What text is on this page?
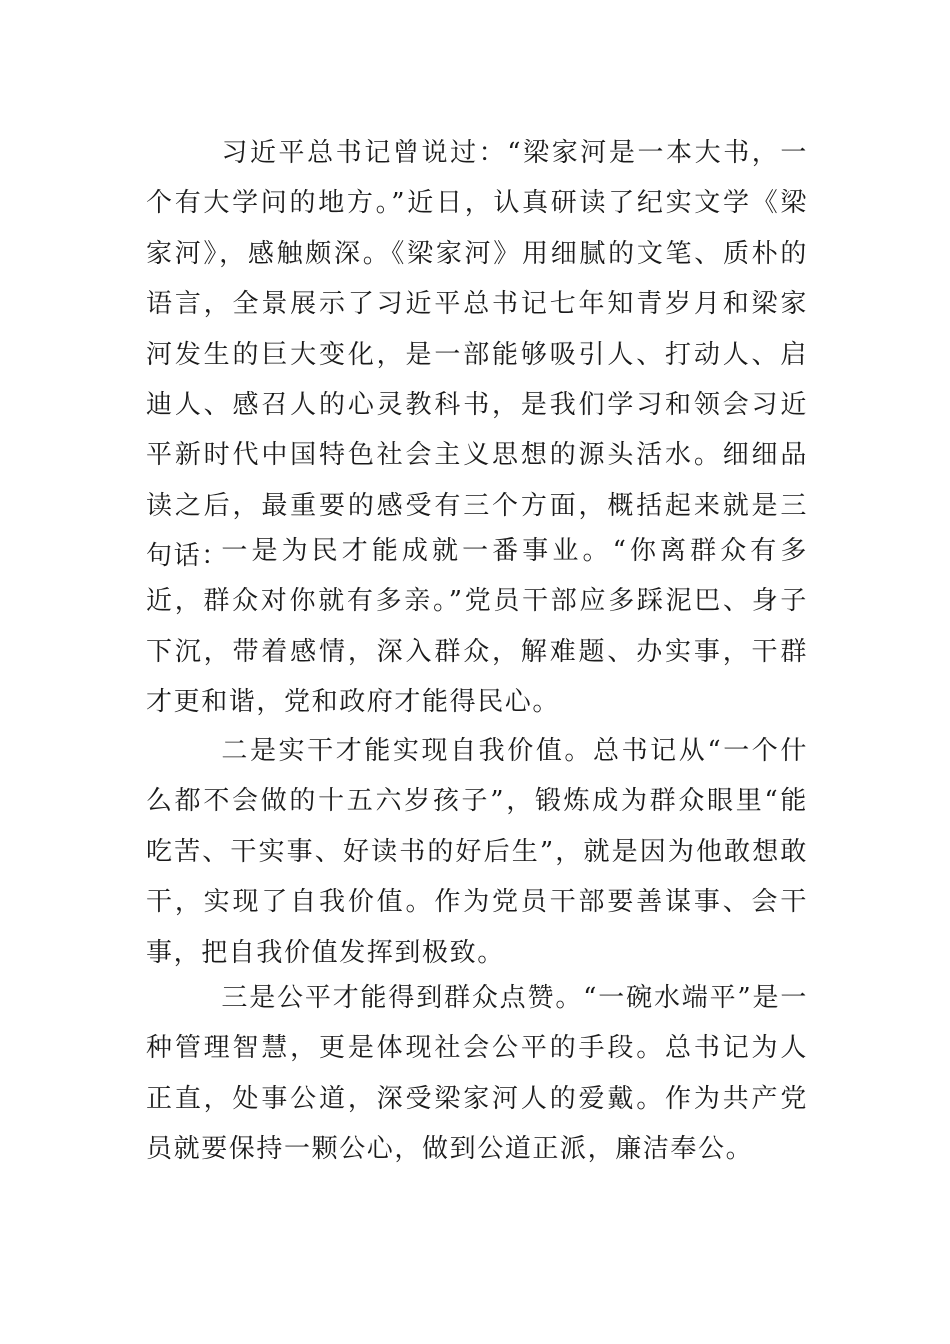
习近平总书记曾说过：“梁家河是一本大书，一个有大学问的地方。”近日，认真研读了纪实文学《梁家河》，感触颇深。《梁家河》用细腻的文笔、质朴的语言，全景展示了习近平总书记七年知青岁月和梁家河发生的巨大变化，是一部能够吸引人、打动人、启迪人、感召人的心灵教科书，是我们学习和领会习近平新时代中国特色社会主义思想的源头活水。细细品读之后，最重要的感受有三个方面，概括起来就是三句话：

一是为民才能成就一番事业。“你离群众有多近，群众对你就有多亲。”党员干部应多踩泥巴、身子下沉，带着感情，深入群众，解难题、办实事，干群才更和谐，党和政府才能得民心。

二是实干才能实现自我价值。总书记从“一个什么都不会做的十五六岁孩子”，锻炼成为群众眼里“能吃苦、干实事、好读书的好后生”，就是因为他敢想敢干，实现了自我价值。作为党员干部要善谋事、会干事，把自我价值发挥到极致。

三是公平才能得到群众点赞。“一碗水端平”是一种管理智慧，更是体现社会公平的手段。总书记为人正直，处事公道，深受梁家河人的爱戴。作为共产党员就要保持一颗公心，做到公道正派，廉洁奉公。
